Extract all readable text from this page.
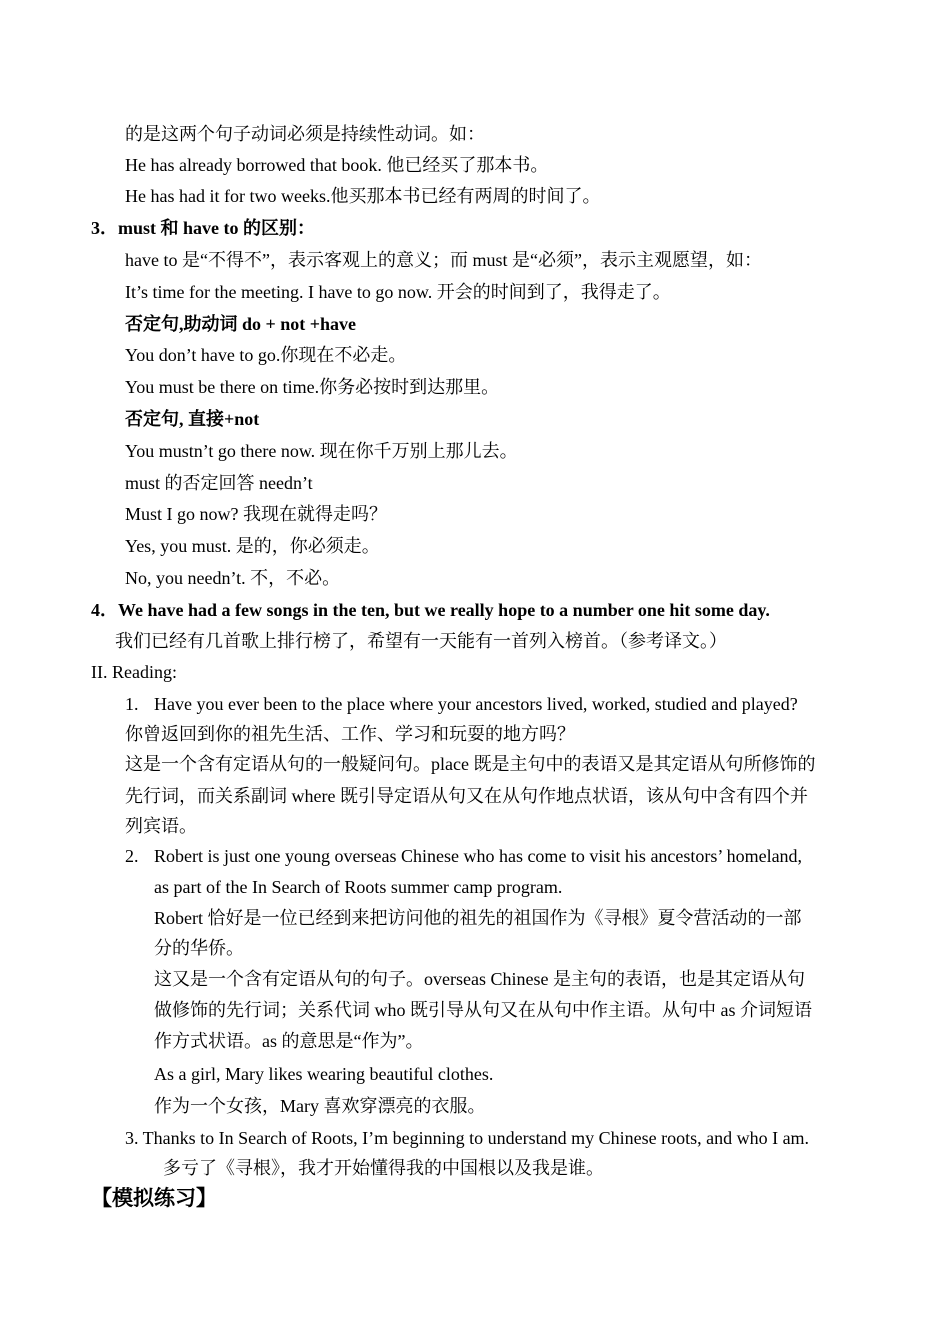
的是这两个句子动词必须是持续性动词。如：
He has already borrowed that book. 他已经买了那本书。
He has had it for two weeks.他买那本书已经有两周的时间了。
3．must 和 have to 的区别：
have to 是“不得不”，表示客观上的意义；而 must 是“必须”，表示主观愿望，如：
It’s time for the meeting. I have to go now. 开会的时间到了，我得走了。
否定句,助动词 do + not +have
You don’t have to go.你现在不必走。
You must be there on time.你务必按时到达那里。
否定句, 直接+not
You mustn’t go there now. 现在你千万别上那儿去。
must 的否定回答 needn’t
Must I go now? 我现在就得走吗？
Yes, you must. 是的，你必须走。
No, you needn’t. 不，不必。
4．We have had a few songs in the ten, but we really hope to a number one hit some day.
我们已经有几首歌上排行榜了，希望有一天能有一首列入榜首。（参考译文。）
II. Reading:
1. Have you ever been to the place where your ancestors lived, worked, studied and played?
你曾返回到你的祖先生活、工作、学习和玩耍的地方吗？
这是一个含有定语从句的一般疑问句。place 既是主句中的表语又是其定语从句所修饰的
先行词，而关系副词 where 既引导定语从句又在从句作地点状语，该从句中含有四个并
列宾语。
2. Robert is just one young overseas Chinese who has come to visit his ancestors’ homeland,
as part of the In Search of Roots summer camp program.
Robert 恰好是一位已经到来把访问他的祖先的祖国作为《寻根》夏令营活动的一部
分的华侨。
这又是一个含有定语从句的句子。overseas Chinese 是主句的表语，也是其定语从句
做修饰的先行词；关系代词 who 既引导从句又在从句中作主语。从句中 as 介词短语
作方式状语。as 的意思是“作为”。
As a girl, Mary likes wearing beautiful clothes.
作为一个女孩，Mary 喜欢穿漂亮的衣服。
3. Thanks to In Search of Roots, I’m beginning to understand my Chinese roots, and who I am.
多亏了《寻根》，我才开始懂得我的中国根以及我是谁。
【模拟练习】
